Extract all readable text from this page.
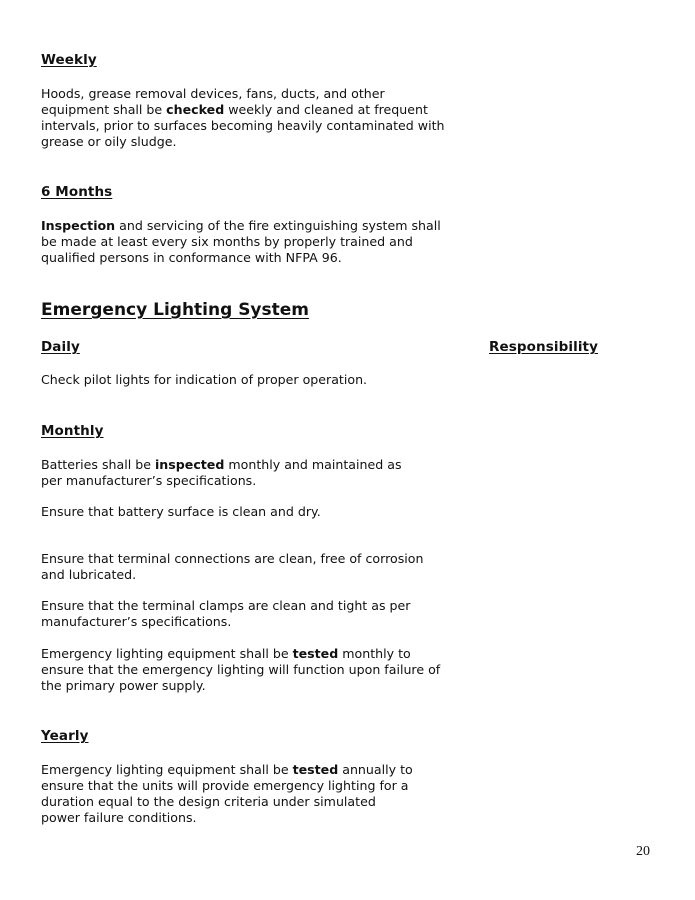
Weekly

Hoods, grease removal devices, fans, ducts, and other equipment shall be checked weekly and cleaned at frequent intervals, prior to surfaces becoming heavily contaminated with grease or oily sludge.

6 Months

Inspection and servicing of the fire extinguishing system shall be made at least every six months by properly trained and qualified persons in conformance with NFPA 96.

Emergency Lighting System
Daily	Responsibility

Check pilot lights for indication of proper operation.

Monthly

Batteries shall be inspected monthly and maintained as per manufacturer’s specifications.

Ensure that battery surface is clean and dry.

Ensure that terminal connections are clean, free of corrosion and lubricated.

Ensure that the terminal clamps are clean and tight as per manufacturer’s specifications.

Emergency lighting equipment shall be tested monthly to ensure that the emergency lighting will function upon failure of the primary power supply.

Yearly

Emergency lighting equipment shall be tested annually to ensure that the units will provide emergency lighting for a duration equal to the design criteria under simulated power failure conditions.

20
